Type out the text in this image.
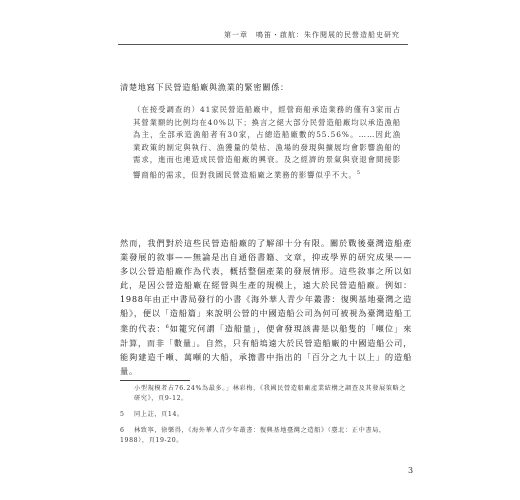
第一章　鳴笛・啟航：朱作閱展的民營造船史研究

清楚地寫下民營造船廠與漁業的緊密關係：

（在接受調查的）41家民營造船廠中，經營商船承造業務的僅有3家而占其營業額的比例均在40%以下；換言之絕大部分民營造船廠均以承造漁船為主，全部承造漁船者有30家，占總造船廠數的55.56%。……因此漁業政策的制定與執行、漁獲量的榮枯、漁場的發現與擴展均會影響漁船的需求，進而也連造成民營造船廠的興衰。及之經濟的景氣與衰退會間接影響商船的需求，但對我國民營造船廠之業務的影響似乎不大。$^5$

然而，我們對於這些民營造船廠的了解卻十分有限。關於戰後臺灣造船產業發展的敘事——無論是出自通俗書籍、文章，抑或學界的研究成果——多以公營造船廠作為代表，概括整個產業的發展情形。這些敘事之所以如此，是因公營造船廠在經營與生產的規模上，遠大於民營造船廠。例如：1988年由正中書局發行的小書《海外華人青少年叢書：復興基地臺灣之造船》，便以「造船篇」來說明公營的中國造船公司為何可被視為臺灣造船工業的代表：$^6$如籠究何謂「造船量」，便會發現該書是以船隻的「噸位」來計算，而非「數量」。自然，只有船塢遠大於民營造船廠的中國造船公司，能夠建造千噸、萬噸的大船，承擔書中指出的「百分之九十以上」的造船量。

小型規模者占76.24%為最多。」林彩梅，《我國民營造船廠產業結構之調查及其發展策略之研究》，頁9-12。

5 同上註，頁14。

6 林致寧，徐樂得，《海外華人青少年叢書：復興基地臺灣之造船》（臺北：正中書局，1988），頁19-20。

3
